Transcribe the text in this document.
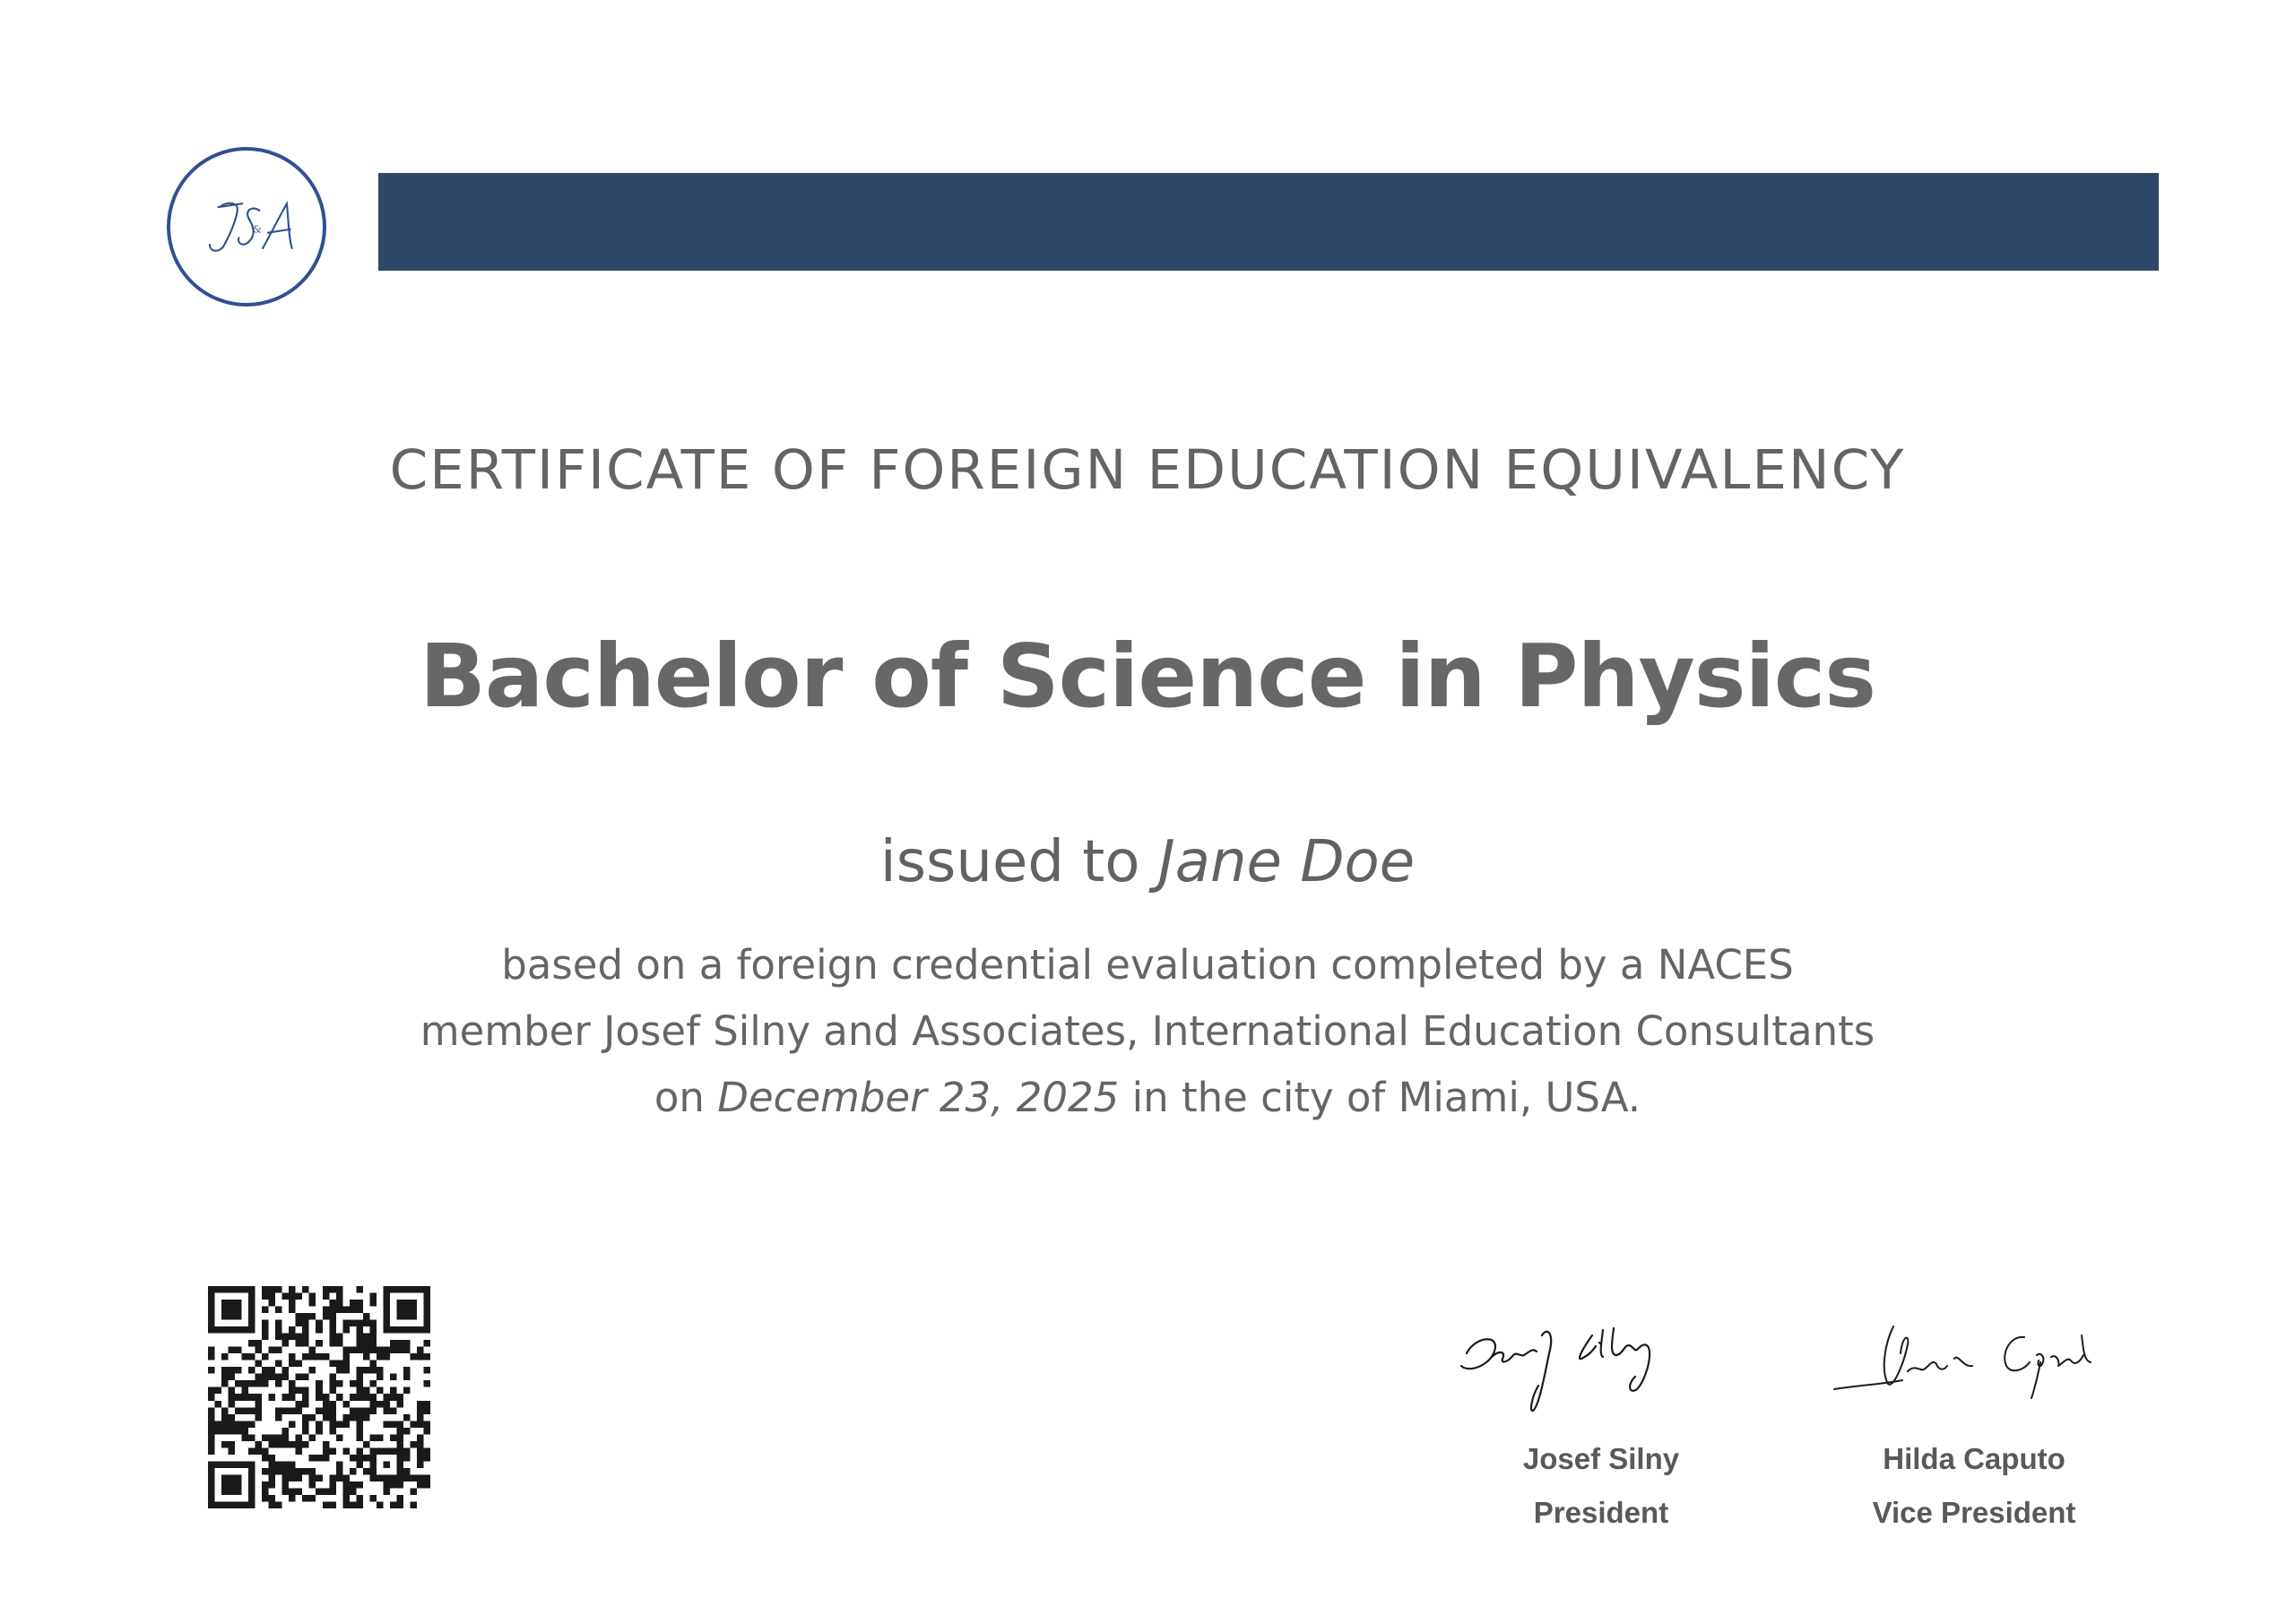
&
CERTIFICATE OF FOREIGN EDUCATION EQUIVALENCY
Bachelor of Science in Physics
issued to Jane Doe
based on a foreign credential evaluation completed by a NACES
member Josef Silny and Associates, International Education Consultants
on December 23, 2025 in the city of Miami, USA.
Josef Silny
President
Hilda Caputo
Vice President
